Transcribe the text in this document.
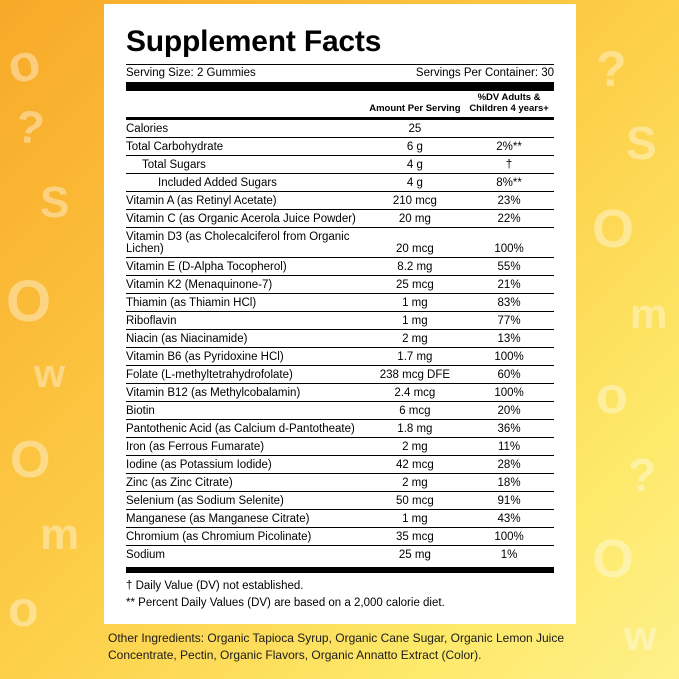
o
?
S
O
w
O
m
o
?
S
O
m
o
?
O
w
Supplement Facts
Serving Size: 2 Gummies	Servings Per Container: 30
	Amount Per Serving	%DV Adults & Children 4 years+
Calories	25	
Total Carbohydrate	6 g	2%**
Total Sugars	4 g	†
Included Added Sugars	4 g	8%**
Vitamin A (as Retinyl Acetate)	210 mcg	23%
Vitamin C (as Organic Acerola Juice Powder)	20 mg	22%
Vitamin D3 (as Cholecalciferol from Organic Lichen)	20 mcg	100%
Vitamin E (D-Alpha Tocopherol)	8.2 mg	55%
Vitamin K2 (Menaquinone-7)	25 mcg	21%
Thiamin (as Thiamin HCl)	1 mg	83%
Riboflavin	1 mg	77%
Niacin (as Niacinamide)	2 mg	13%
Vitamin B6 (as Pyridoxine HCl)	1.7 mg	100%
Folate (L-methyltetrahydrofolate)	238 mcg DFE	60%
Vitamin B12 (as Methylcobalamin)	2.4 mcg	100%
Biotin	6 mcg	20%
Pantothenic Acid (as Calcium d-Pantotheate)	1.8 mg	36%
Iron (as Ferrous Fumarate)	2 mg	11%
Iodine (as Potassium Iodide)	42 mcg	28%
Zinc (as Zinc Citrate)	2 mg	18%
Selenium (as Sodium Selenite)	50 mcg	91%
Manganese (as Manganese Citrate)	1 mg	43%
Chromium (as Chromium Picolinate)	35 mcg	100%
Sodium	25 mg	1%
† Daily Value (DV) not established.
** Percent Daily Values (DV) are based on a 2,000 calorie diet.
Other Ingredients: Organic Tapioca Syrup, Organic Cane Sugar, Organic Lemon Juice Concentrate, Pectin, Organic Flavors, Organic Annatto Extract (Color).
